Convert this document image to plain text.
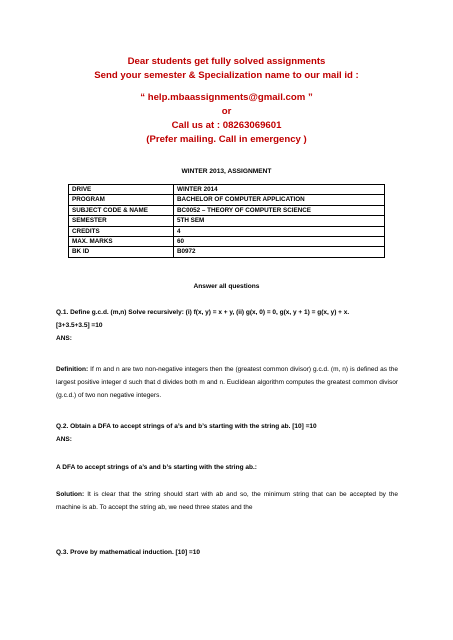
Dear students get fully solved assignments
Send your semester & Specialization name to our mail id :
“ help.mbaassignments@gmail.com ”
or
Call us at : 08263069601
(Prefer mailing. Call in emergency )
WINTER 2013, ASSIGNMENT
DRIVE	WINTER 2014
PROGRAM	BACHELOR OF COMPUTER APPLICATION
SUBJECT CODE & NAME	BC0052 – THEORY OF COMPUTER SCIENCE
SEMESTER	5TH SEM
CREDITS	4
MAX. MARKS	60
BK ID	B0972
Answer all questions
Q.1. Define g.c.d. (m,n) Solve recursively: (i) f(x, y) = x + y, (ii) g(x, 0) = 0, g(x, y + 1) = g(x, y) + x.
[3+3.5+3.5] =10
ANS:
Definition: If m and n are two non-negative integers then the (greatest common divisor) g.c.d. (m, n) is defined as the largest positive integer d such that d divides both m and n. Euclidean algorithm computes the greatest common divisor (g.c.d.) of two non negative integers.
Q.2. Obtain a DFA to accept strings of a’s and b’s starting with the string ab. [10] =10
ANS:
A DFA to accept strings of a’s and b’s starting with the string ab.:
Solution: It is clear that the string should start with ab and so, the minimum string that can be accepted by the machine is ab. To accept the string ab, we need three states and the
Q.3. Prove by mathematical induction. [10] =10
